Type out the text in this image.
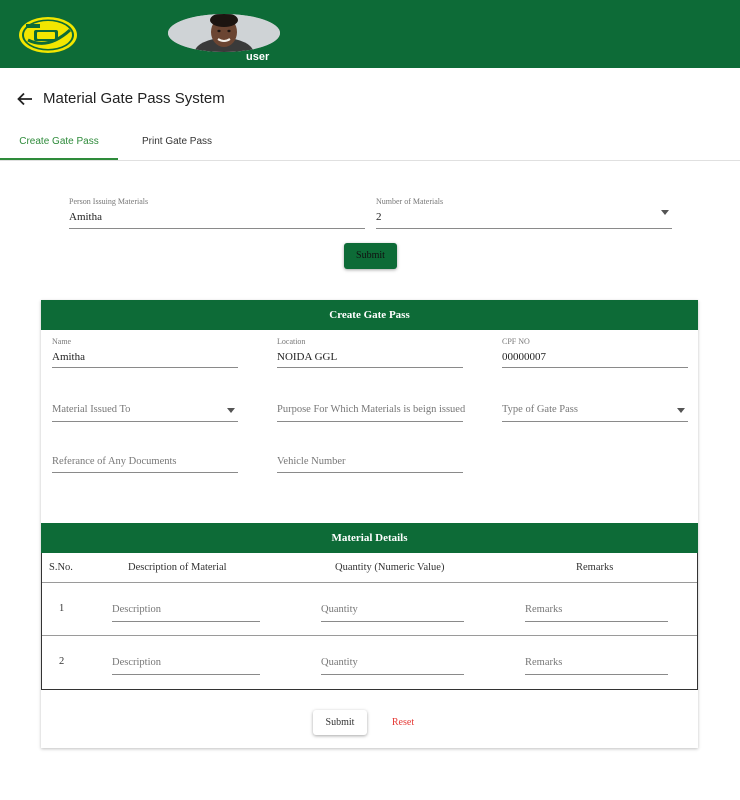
user
Material Gate Pass System
Create Gate Pass	Print Gate Pass
Person Issuing Materials
Amitha
Number of Materials
2
Submit
Create Gate Pass
Name
Amitha
Location
NOIDA GGL
CPF NO
00000007
Material Issued To	Purpose For Which Materials is beign issued	Type of Gate Pass
Referance of Any Documents	Vehicle Number
Material Details
S.No.	Description of Material	Quantity (Numeric Value)	Remarks
1	Description	Quantity	Remarks
2	Description	Quantity	Remarks
Submit	Reset
